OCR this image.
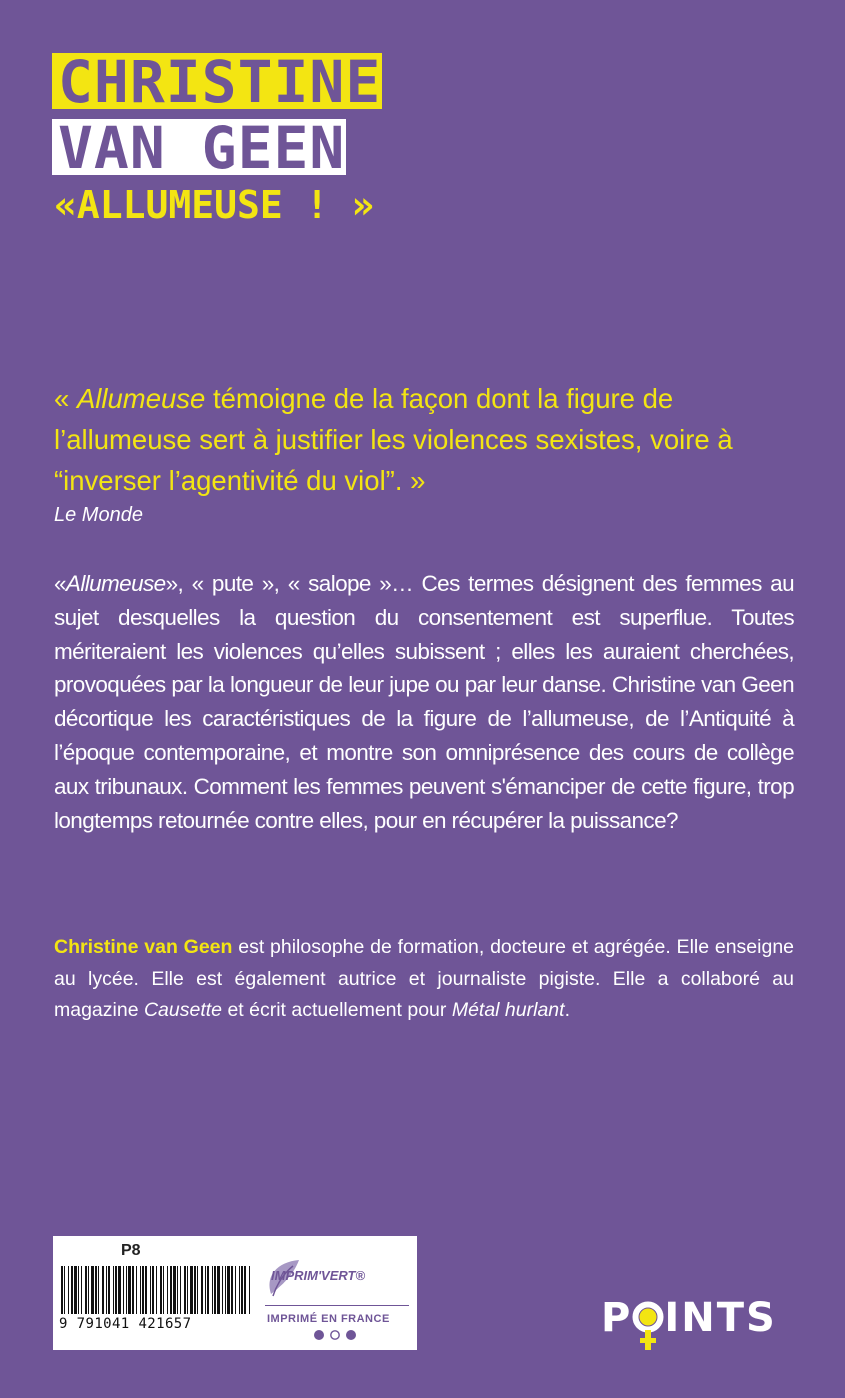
CHRISTINE
VAN GEEN
«ALLUMEUSE ! »
« Allumeuse témoigne de la façon dont la figure de l’allumeuse sert à justifier les violences sexistes, voire à “inverser l’agentivité du viol”. »
Le Monde
«Allumeuse», « pute », « salope »… Ces termes désignent des femmes au sujet desquelles la question du consentement est superflue. Toutes mériteraient les violences qu’elles subissent ; elles les auraient cherchées, provoquées par la longueur de leur jupe ou par leur danse. Christine van Geen décortique les caractéristiques de la figure de l’allumeuse, de l’Antiquité à l’époque contemporaine, et montre son omniprésence des cours de collège aux tribunaux. Comment les femmes peuvent s'émanciper de cette figure, trop longtemps retournée contre elles, pour en récupérer la puissance?
Christine van Geen est philosophe de formation, docteure et agrégée. Elle enseigne au lycée. Elle est également autrice et journaliste pigiste. Elle a collaboré au magazine Causette et écrit actuellement pour Métal hurlant.
P8
9 791041 421657
IMPRIM'VERT®
IMPRIMÉ EN FRANCE	P INTS
